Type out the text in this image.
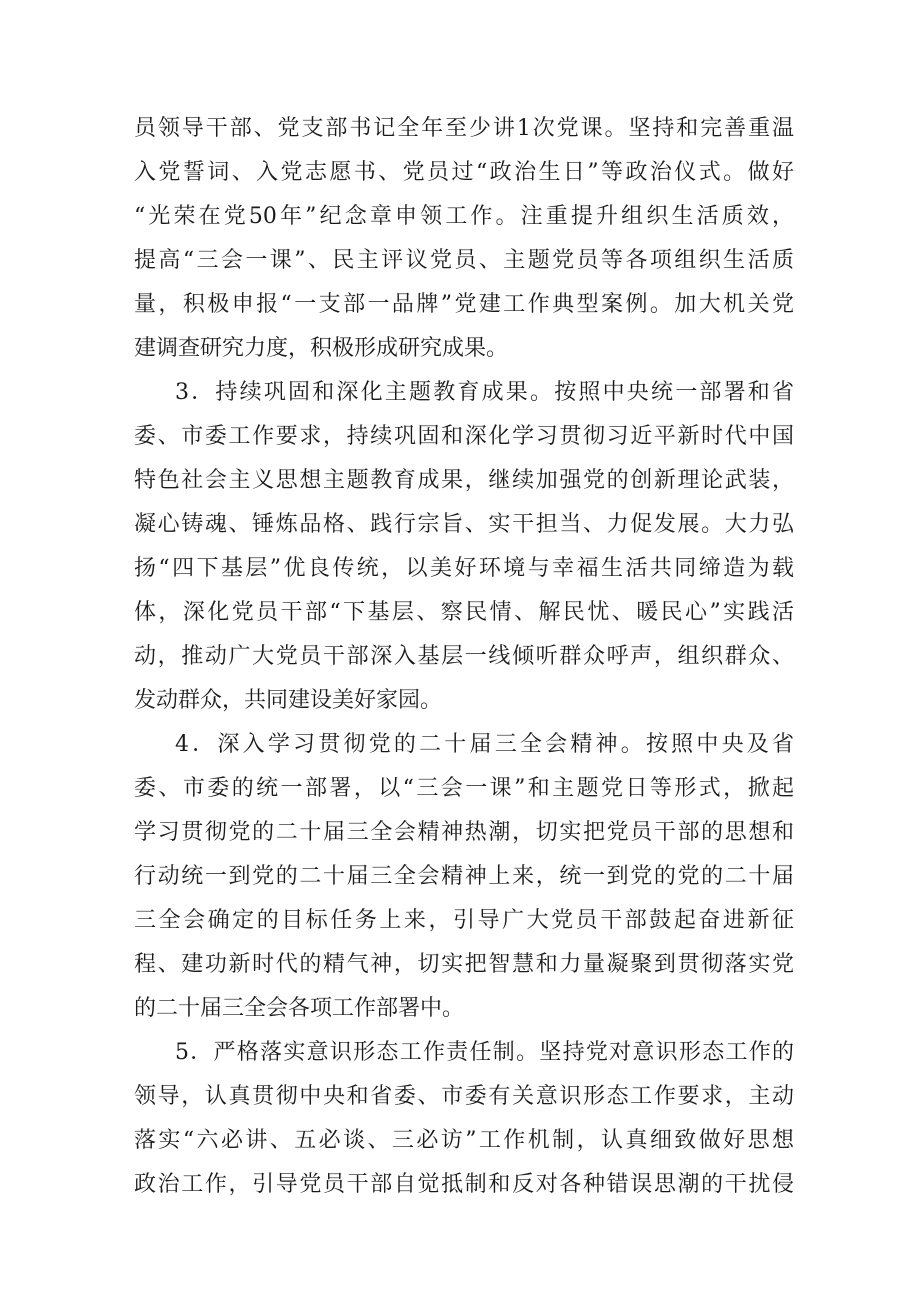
员领导干部、党支部书记全年至少讲1次党课。坚持和完善重温
入党誓词、入党志愿书、党员过“政治生日”等政治仪式。做好
“光荣在党50年”纪念章申领工作。注重提升组织生活质效，
提高“三会一课”、民主评议党员、主题党员等各项组织生活质
量，积极申报“一支部一品牌”党建工作典型案例。加大机关党
建调查研究力度，积极形成研究成果。
3．持续巩固和深化主题教育成果。按照中央统一部署和省
委、市委工作要求，持续巩固和深化学习贯彻习近平新时代中国
特色社会主义思想主题教育成果，继续加强党的创新理论武装，
凝心铸魂、锤炼品格、践行宗旨、实干担当、力促发展。大力弘
扬“四下基层”优良传统，以美好环境与幸福生活共同缔造为载
体，深化党员干部“下基层、察民情、解民忧、暖民心”实践活
动，推动广大党员干部深入基层一线倾听群众呼声，组织群众、
发动群众，共同建设美好家园。
4．深入学习贯彻党的二十届三全会精神。按照中央及省
委、市委的统一部署，以“三会一课”和主题党日等形式，掀起
学习贯彻党的二十届三全会精神热潮，切实把党员干部的思想和
行动统一到党的二十届三全会精神上来，统一到党的党的二十届
三全会确定的目标任务上来，引导广大党员干部鼓起奋进新征
程、建功新时代的精气神，切实把智慧和力量凝聚到贯彻落实党
的二十届三全会各项工作部署中。
5．严格落实意识形态工作责任制。坚持党对意识形态工作的
领导，认真贯彻中央和省委、市委有关意识形态工作要求，主动
落实“六必讲、五必谈、三必访”工作机制，认真细致做好思想
政治工作，引导党员干部自觉抵制和反对各种错误思潮的干扰侵
